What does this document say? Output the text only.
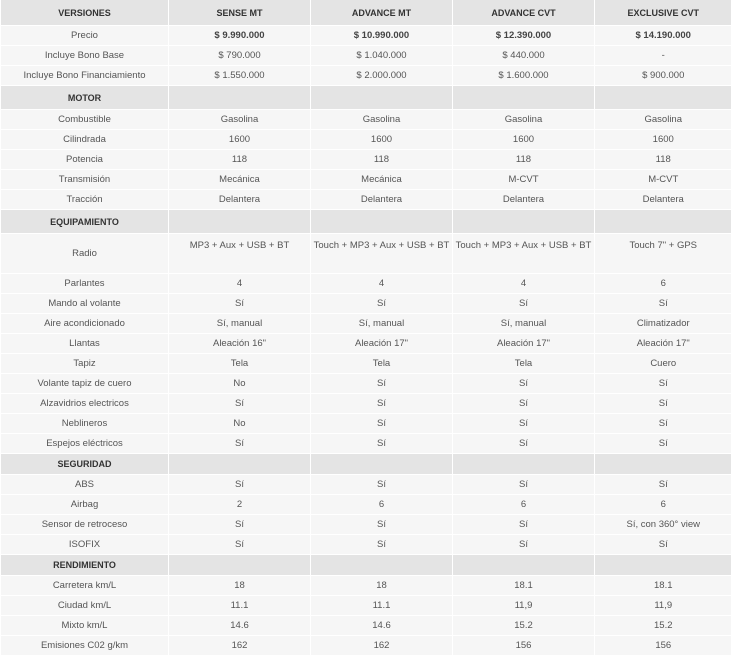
VERSIONES	SENSE MT	ADVANCE MT	ADVANCE CVT	EXCLUSIVE CVT
Precio	$ 9.990.000	$ 10.990.000	$ 12.390.000	$ 14.190.000
Incluye Bono Base	$ 790.000	$ 1.040.000	$ 440.000	-
Incluye Bono Financiamiento	$ 1.550.000	$ 2.000.000	$ 1.600.000	$ 900.000
MOTOR				
Combustible	Gasolina	Gasolina	Gasolina	Gasolina
Cilindrada	1600	1600	1600	1600
Potencia	118	118	118	118
Transmisión	Mecánica	Mecánica	M-CVT	M-CVT
Tracción	Delantera	Delantera	Delantera	Delantera
EQUIPAMIENTO				
Radio	MP3 + Aux + USB + BT	Touch + MP3 + Aux + USB + BT	Touch + MP3 + Aux + USB + BT	Touch 7" + GPS
Parlantes	4	4	4	6
Mando al volante	Sí	Sí	Sí	Sí
Aire acondicionado	Sí, manual	Sí, manual	Sí, manual	Climatizador
Llantas	Aleación 16"	Aleación 17"	Aleación 17"	Aleación 17"
Tapiz	Tela	Tela	Tela	Cuero
Volante tapiz de cuero	No	Sí	Sí	Sí
Alzavidrios electricos	Sí	Sí	Sí	Sí
Neblineros	No	Sí	Sí	Sí
Espejos eléctricos	Sí	Sí	Sí	Sí
SEGURIDAD				
ABS	Sí	Sí	Sí	Sí
Airbag	2	6	6	6
Sensor de retroceso	Sí	Sí	Sí	Sí, con 360° view
ISOFIX	Sí	Sí	Sí	Sí
RENDIMIENTO				
Carretera km/L	18	18	18.1	18.1
Ciudad km/L	11.1	11.1	11,9	11,9
Mixto km/L	14.6	14.6	15.2	15.2
Emisiones C02 g/km	162	162	156	156
